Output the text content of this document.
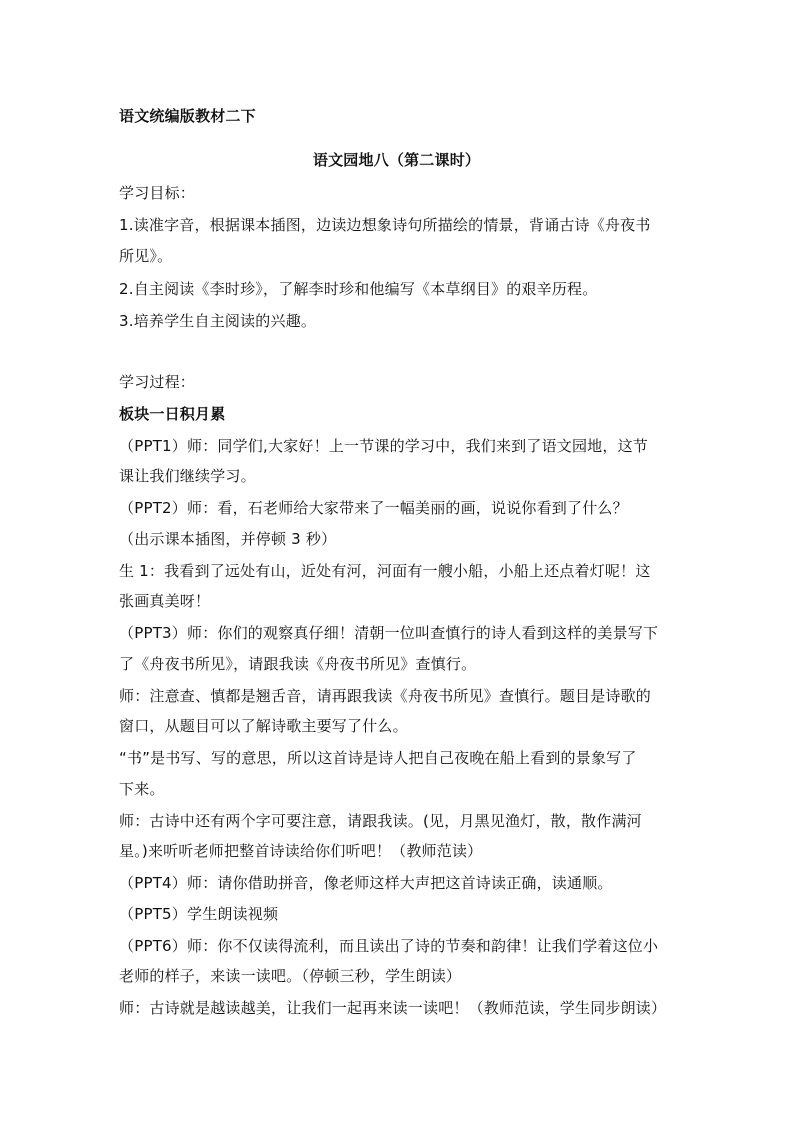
语文统编版教材二下
语文园地八（第二课时）
学习目标：
1.读准字音，根据课本插图，边读边想象诗句所描绘的情景，背诵古诗《舟夜书
所见》。
2.自主阅读《李时珍》，了解李时珍和他编写《本草纲目》的艰辛历程。
3.培养学生自主阅读的兴趣。
学习过程：
板块一日积月累
（PPT1）师：同学们,大家好！上一节课的学习中，我们来到了语文园地，这节
课让我们继续学习。
（PPT2）师：看，石老师给大家带来了一幅美丽的画，说说你看到了什么？
（出示课本插图，并停顿 3 秒）
生 1：我看到了远处有山，近处有河，河面有一艘小船，小船上还点着灯呢！这
张画真美呀！
（PPT3）师：你们的观察真仔细！清朝一位叫查慎行的诗人看到这样的美景写下
了《舟夜书所见》，请跟我读《舟夜书所见》查慎行。
师：注意查、慎都是翘舌音，请再跟我读《舟夜书所见》查慎行。题目是诗歌的
窗口，从题目可以了解诗歌主要写了什么。
“书”是书写、写的意思，所以这首诗是诗人把自己夜晚在船上看到的景象写了
下来。
师：古诗中还有两个字可要注意，请跟我读。(见，月黑见渔灯，散，散作满河
星。)来听听老师把整首诗读给你们听吧！（教师范读）
（PPT4）师：请你借助拼音，像老师这样大声把这首诗读正确，读通顺。
（PPT5）学生朗读视频
（PPT6）师：你不仅读得流利，而且读出了诗的节奏和韵律！让我们学着这位小
老师的样子，来读一读吧。（停顿三秒，学生朗读）
师：古诗就是越读越美，让我们一起再来读一读吧！（教师范读，学生同步朗读）
